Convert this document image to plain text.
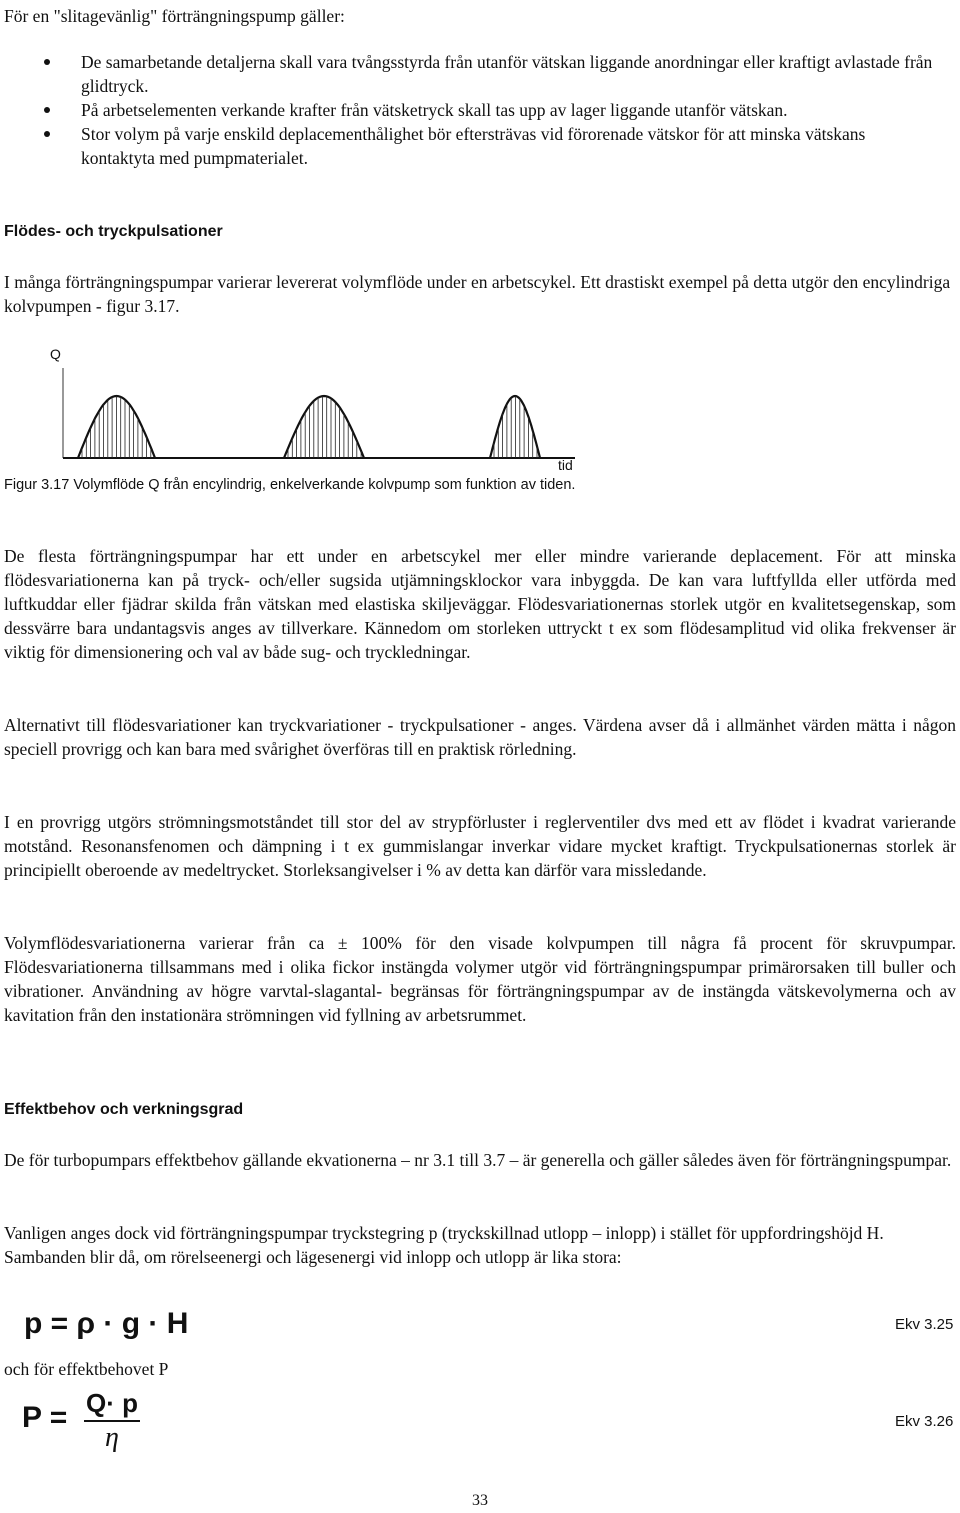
För en "slitagevänlig" förträngningspump gäller:
De samarbetande detaljerna skall vara tvångsstyrda från utanför vätskan liggande anordningar eller kraftigt avlastade från glidtryck.
På arbetselementen verkande krafter från vätsketryck skall tas upp av lager liggande utanför vätskan.
Stor volym på varje enskild deplacementhålighet bör eftersträvas vid förorenade vätskor för att minska vätskans kontaktyta med pumpmaterialet.
Flödes- och tryckpulsationer

I många förträngningspumpar varierar levererat volymflöde under en arbetscykel. Ett drastiskt exempel på detta utgör den encylindriga kolvpumpen - figur 3.17.

Q
tid
Figur 3.17 Volymflöde Q från encylindrig, enkelverkande kolvpump som funktion av tiden.

De flesta förträngningspumpar har ett under en arbetscykel mer eller mindre varierande deplacement. För att minska flödesvariationerna kan på tryck- och/eller sugsida utjämningsklockor vara inbyggda. De kan vara luftfyllda eller utförda med luftkuddar eller fjädrar skilda från vätskan med elastiska skiljeväggar. Flödesvariationernas storlek utgör en kvalitetsegenskap, som dessvärre bara undantagsvis anges av tillverkare. Kännedom om storleken uttryckt t ex som flödesamplitud vid olika frekvenser är viktig för dimensionering och val av både sug- och tryckledningar.

Alternativt till flödesvariationer kan tryckvariationer - tryckpulsationer - anges. Värdena avser då i allmänhet värden mätta i någon speciell provrigg och kan bara med svårighet överföras till en praktisk rörledning.

I en provrigg utgörs strömningsmotståndet till stor del av strypförluster i reglerventiler dvs med ett av flödet i kvadrat varierande motstånd. Resonansfenomen och dämpning i t ex gummislangar inverkar vidare mycket kraftigt. Tryckpulsationernas storlek är principiellt oberoende av medeltrycket. Storleksangivelser i % av detta kan därför vara missledande.

Volymflödesvariationerna varierar från ca ± 100% för den visade kolvpumpen till några få procent för skruvpumpar. Flödesvariationerna tillsammans med i olika fickor instängda volymer utgör vid förträngningspumpar primärorsaken till buller och vibrationer. Användning av högre varvtal-slagantal- begränsas för förträngningspumpar av de instängda vätskevolymerna och av kavitation från den instationära strömningen vid fyllning av arbetsrummet.

Effektbehov och verkningsgrad

De för turbopumpars effektbehov gällande ekvationerna – nr 3.1 till 3.7 – är generella och gäller således även för förträngningspumpar.

Vanligen anges dock vid förträngningspumpar tryckstegring p (tryckskillnad utlopp – inlopp) i stället för uppfordringshöjd H. Sambanden blir då, om rörelseenergi och lägesenergi vid inlopp och utlopp är lika stora:

p = ρ · g · H	Ekv 3.25
och för effektbehovet P
P = Q· p
η
Ekv 3.26
33
